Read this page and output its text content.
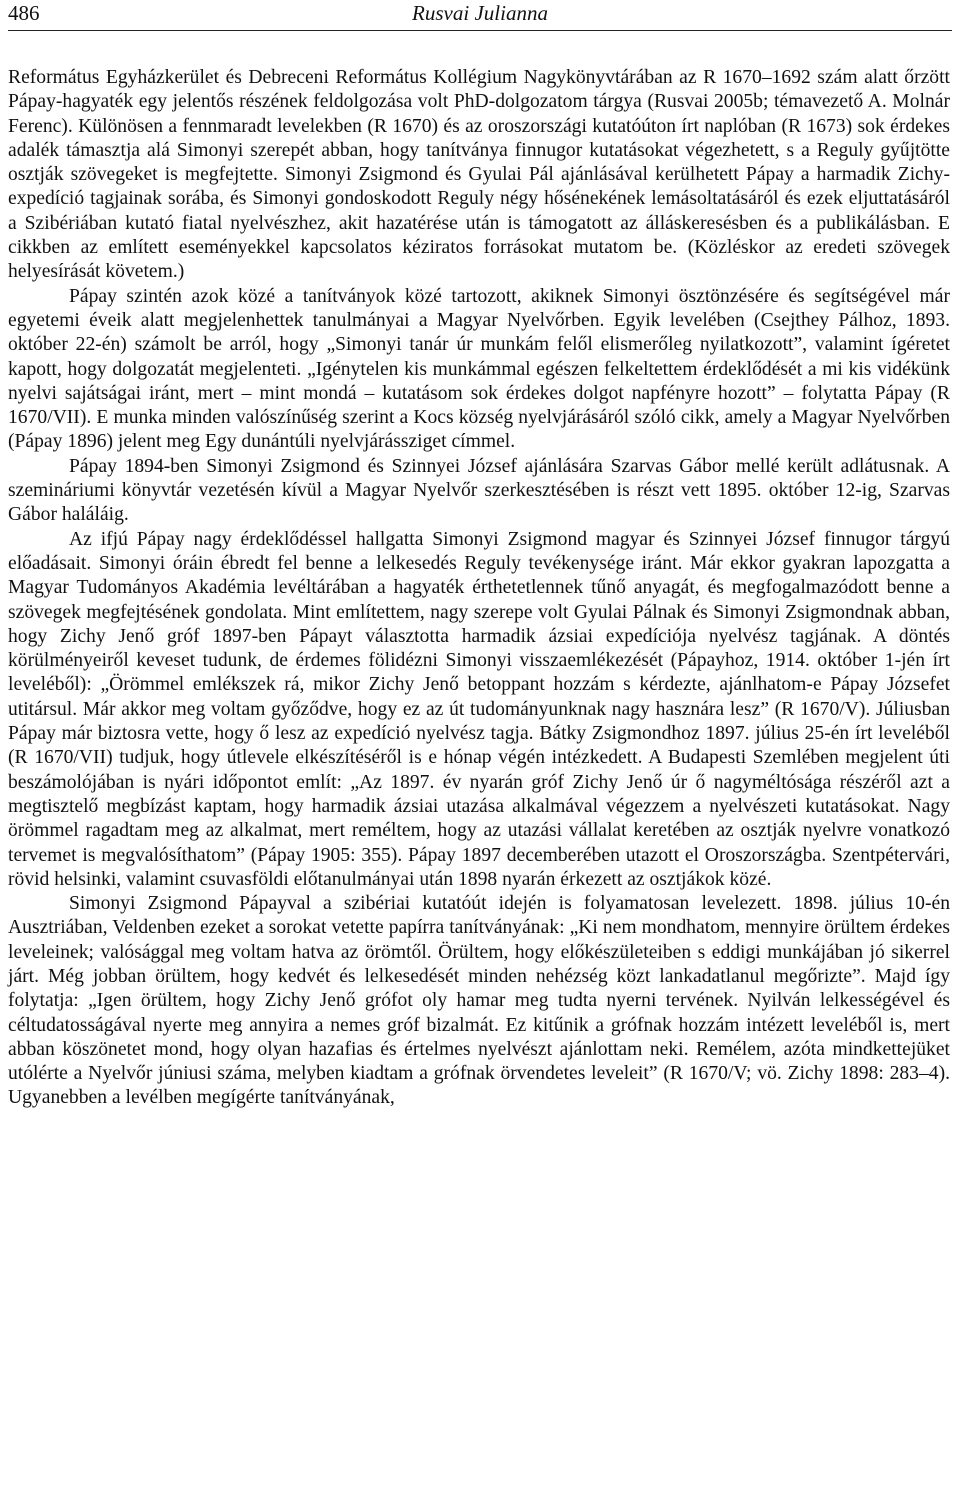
486	Rusvai Julianna

Református Egyházkerület és Debreceni Református Kollégium Nagykönyvtárában az R 1670–1692 szám alatt őrzött Pápay-hagyaték egy jelentős részének feldolgozása volt PhD-dolgozatom tárgya (Rusvai 2005b; témavezető A. Molnár Ferenc). Különösen a fennmaradt levelekben (R 1670) és az oroszországi kutatóúton írt naplóban (R 1673) sok érdekes adalék támasztja alá Simonyi szerepét abban, hogy tanítványa finnugor kutatásokat végezhetett, s a Reguly gyűjtötte osztják szövegeket is megfejtette. Simonyi Zsigmond és Gyulai Pál ajánlásával kerülhetett Pápay a harmadik Zichy-expedíció tagjainak sorába, és Simonyi gondoskodott Reguly négy hősénekének lemásoltatásáról és ezek eljuttatásáról a Szibériában kutató fiatal nyelvészhez, akit hazatérése után is támogatott az álláskeresésben és a publikálásban. E cikkben az említett eseményekkel kapcsolatos kéziratos forrásokat mutatom be. (Közléskor az eredeti szövegek helyesírását követem.)

Pápay szintén azok közé a tanítványok közé tartozott, akiknek Simonyi ösztönzésére és segítségével már egyetemi éveik alatt megjelenhettek tanulmányai a Magyar Nyelvőrben. Egyik levelében (Csejthey Pálhoz, 1893. október 22-én) számolt be arról, hogy „Simonyi tanár úr munkám felől elismerőleg nyilatkozott”, valamint ígéretet kapott, hogy dolgozatát megjelenteti. „Igénytelen kis munkámmal egészen felkeltettem érdeklődését a mi kis vidékünk nyelvi sajátságai iránt, mert – mint mondá – kutatásom sok érdekes dolgot napfényre hozott” – folytatta Pápay (R 1670/VII). E munka minden valószínűség szerint a Kocs község nyelvjárásáról szóló cikk, amely a Magyar Nyelvőrben (Pápay 1896) jelent meg Egy dunántúli nyelvjárássziget címmel.

Pápay 1894-ben Simonyi Zsigmond és Szinnyei József ajánlására Szarvas Gábor mellé került adlátusnak. A szemináriumi könyvtár vezetésén kívül a Magyar Nyelvőr szerkesztésében is részt vett 1895. október 12-ig, Szarvas Gábor haláláig.

Az ifjú Pápay nagy érdeklődéssel hallgatta Simonyi Zsigmond magyar és Szinnyei József finnugor tárgyú előadásait. Simonyi óráin ébredt fel benne a lelkesedés Reguly tevékenysége iránt. Már ekkor gyakran lapozgatta a Magyar Tudományos Akadémia levéltárában a hagyaték érthetetlennek tűnő anyagát, és megfogalmazódott benne a szövegek megfejtésének gondolata. Mint említettem, nagy szerepe volt Gyulai Pálnak és Simonyi Zsigmondnak abban, hogy Zichy Jenő gróf 1897-ben Pápayt választotta harmadik ázsiai expedíciója nyelvész tagjának. A döntés körülményeiről keveset tudunk, de érdemes fölidézni Simonyi visszaemlékezését (Pápayhoz, 1914. október 1-jén írt leveléből): „Örömmel emlékszek rá, mikor Zichy Jenő betoppant hozzám s kérdezte, ajánlhatom-e Pápay Józsefet utitársul. Már akkor meg voltam győződve, hogy ez az út tudományunknak nagy hasznára lesz” (R 1670/V). Júliusban Pápay már biztosra vette, hogy ő lesz az expedíció nyelvész tagja. Bátky Zsigmondhoz 1897. július 25-én írt leveléből (R 1670/VII) tudjuk, hogy útlevele elkészítéséről is e hónap végén intézkedett. A Budapesti Szemlében megjelent úti beszámolójában is nyári időpontot említ: „Az 1897. év nyarán gróf Zichy Jenő úr ő nagyméltósága részéről azt a megtisztelő megbízást kaptam, hogy harmadik ázsiai utazása alkalmával végezzem a nyelvészeti kutatásokat. Nagy örömmel ragadtam meg az alkalmat, mert reméltem, hogy az utazási vállalat keretében az osztják nyelvre vonatkozó tervemet is megvalósíthatom” (Pápay 1905: 355). Pápay 1897 decemberében utazott el Oroszországba. Szentpétervári, rövid helsinki, valamint csuvasföldi előtanulmányai után 1898 nyarán érkezett az osztjákok közé.

Simonyi Zsigmond Pápayval a szibériai kutatóút idején is folyamatosan levelezett. 1898. július 10-én Ausztriában, Veldenben ezeket a sorokat vetette papírra tanítványának: „Ki nem mondhatom, mennyire örültem érdekes leveleinek; valósággal meg voltam hatva az örömtől. Örültem, hogy előkészületeiben s eddigi munkájában jó sikerrel járt. Még jobban örültem, hogy kedvét és lelkesedését minden nehézség közt lankadatlanul megőrizte”. Majd így folytatja: „Igen örültem, hogy Zichy Jenő grófot oly hamar meg tudta nyerni tervének. Nyilván lelkességével és céltudatosságával nyerte meg annyira a nemes gróf bizalmát. Ez kitűnik a grófnak hozzám intézett leveléből is, mert abban köszönetet mond, hogy olyan hazafias és értelmes nyelvészt ajánlottam neki. Remélem, azóta mindkettejüket utólérte a Nyelvőr júniusi száma, melyben kiadtam a grófnak örvendetes leveleit” (R 1670/V; vö. Zichy 1898: 283–4). Ugyanebben a levélben megígérte tanítványának,
